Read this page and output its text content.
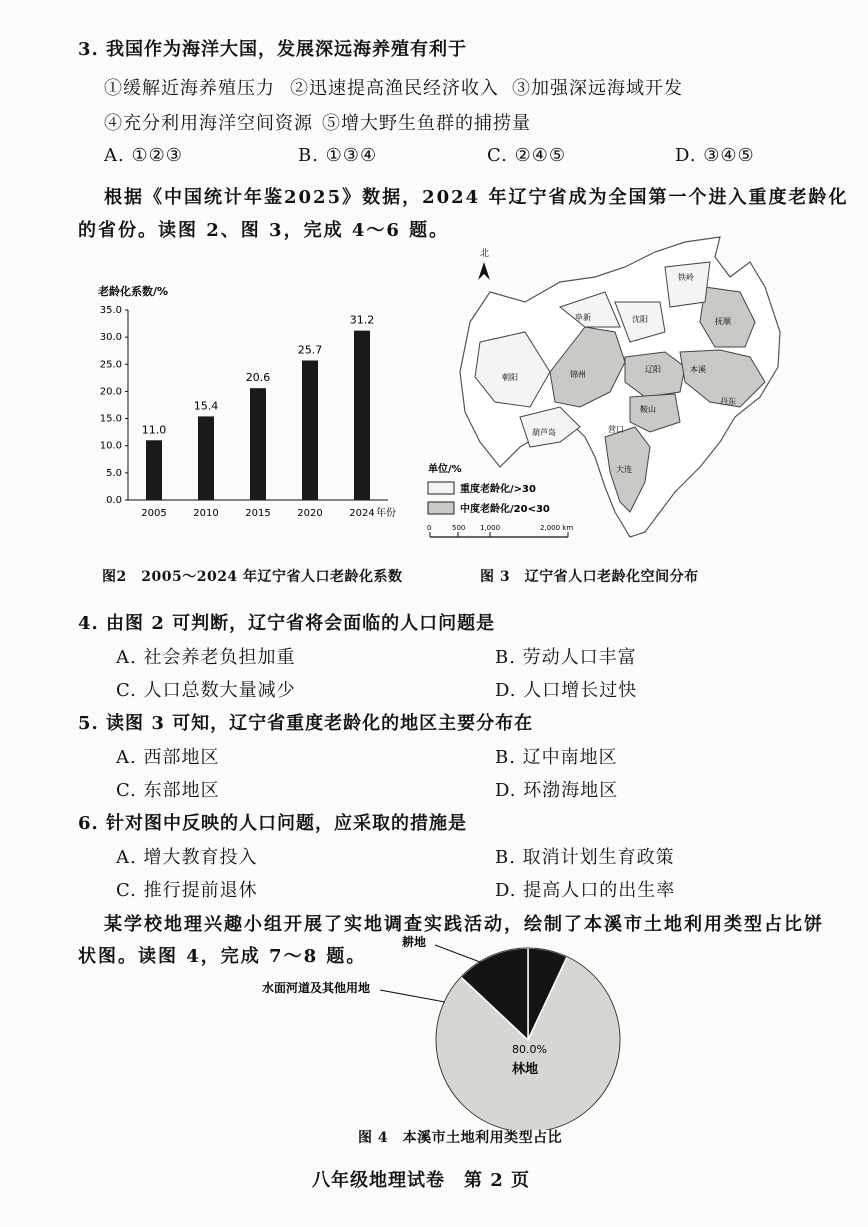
3. 我国作为海洋大国，发展深远海养殖有利于
①缓解近海养殖压力 ②迅速提高渔民经济收入 ③加强深远海域开发
④充分利用海洋空间资源 ⑤增大野生鱼群的捕捞量
A. ①②③	B. ①③④	C. ②④⑤	D. ③④⑤
根据《中国统计年鉴2025》数据，2024 年辽宁省成为全国第一个进入重度老龄化
的省份。读图 2、图 3，完成 4～6 题。
老龄化系数/%
0.0
5.0
10.0
15.0
20.0
25.0
30.0
35.0
11.0
2005
15.4
2010
20.6
2015
25.7
2020
31.2
2024 年份
图2　2005～2024 年辽宁省人口老龄化系数
北
铁岭
阜新	沈阳	抚顺
朝阳	锦州
辽阳	本溪
鞍山
丹东
营口
葫芦岛
大连
单位/%
重度老龄化/>30
中度老龄化/20<30
0	500 1,000	2,000 km
图 3　辽宁省人口老龄化空间分布
4. 由图 2 可判断，辽宁省将会面临的人口问题是
A. 社会养老负担加重	B. 劳动人口丰富
C. 人口总数大量减少	D. 人口增长过快
5. 读图 3 可知，辽宁省重度老龄化的地区主要分布在
A. 西部地区	B. 辽中南地区
C. 东部地区	D. 环渤海地区
6. 针对图中反映的人口问题，应采取的措施是
A. 增大教育投入	B. 取消计划生育政策
C. 推行提前退休	D. 提高人口的出生率
某学校地理兴趣小组开展了实地调查实践活动，绘制了本溪市土地利用类型占比饼
状图。读图 4，完成 7～8 题。
耕地
水面河道及其他用地
80.0%
林地
图 4　本溪市土地利用类型占比
八年级地理试卷　第 2 页
